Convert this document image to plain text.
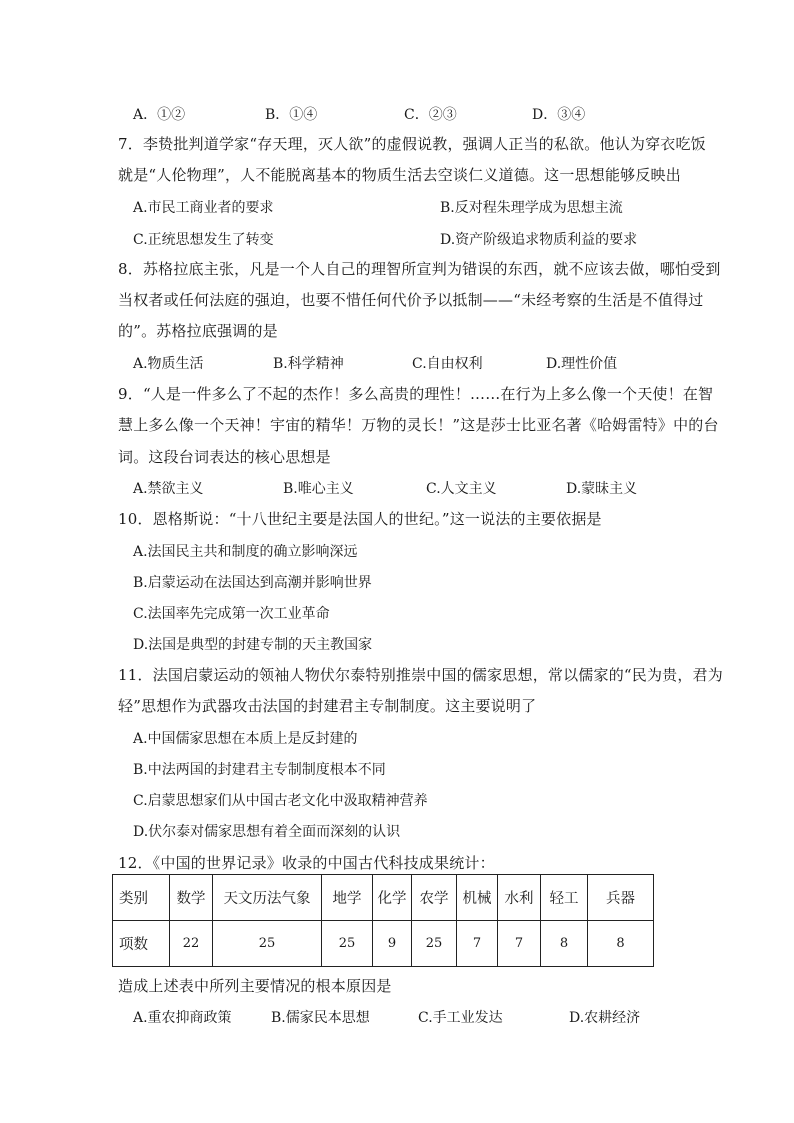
A．①②	B．①④	C．②③	D．③④
7．李贽批判道学家“存天理，灭人欲”的虚假说教，强调人正当的私欲。他认为穿衣吃饭
就是“人伦物理”，人不能脱离基本的物质生活去空谈仁义道德。这一思想能够反映出
A.市民工商业者的要求	B.反对程朱理学成为思想主流
C.正统思想发生了转变	D.资产阶级追求物质利益的要求
8．苏格拉底主张，凡是一个人自己的理智所宣判为错误的东西，就不应该去做，哪怕受到
当权者或任何法庭的强迫，也要不惜任何代价予以抵制——“未经考察的生活是不值得过
的”。苏格拉底强调的是
A.物质生活	B.科学精神	C.自由权利	D.理性价值
9．“人是一件多么了不起的杰作！多么高贵的理性！……在行为上多么像一个天使！在智
慧上多么像一个天神！宇宙的精华！万物的灵长！”这是莎士比亚名著《哈姆雷特》中的台
词。这段台词表达的核心思想是
A.禁欲主义	B.唯心主义	C.人文主义	D.蒙昧主义
10．恩格斯说：“十八世纪主要是法国人的世纪。”这一说法的主要依据是
A.法国民主共和制度的确立影响深远
B.启蒙运动在法国达到高潮并影响世界
C.法国率先完成第一次工业革命
D.法国是典型的封建专制的天主教国家
11．法国启蒙运动的领袖人物伏尔泰特别推崇中国的儒家思想，常以儒家的“民为贵，君为
轻”思想作为武器攻击法国的封建君主专制制度。这主要说明了
A.中国儒家思想在本质上是反封建的
B.中法两国的封建君主专制制度根本不同
C.启蒙思想家们从中国古老文化中汲取精神营养
D.伏尔泰对儒家思想有着全面而深刻的认识
12．《中国的世界记录》收录的中国古代科技成果统计：
类别	数学	天文历法气象	地学	化学	农学	机械	水利	轻工	兵器
项数	22	25	25	9	25	7	7	8	8
造成上述表中所列主要情况的根本原因是
A.重农抑商政策	B.儒家民本思想	C.手工业发达	D.农耕经济
